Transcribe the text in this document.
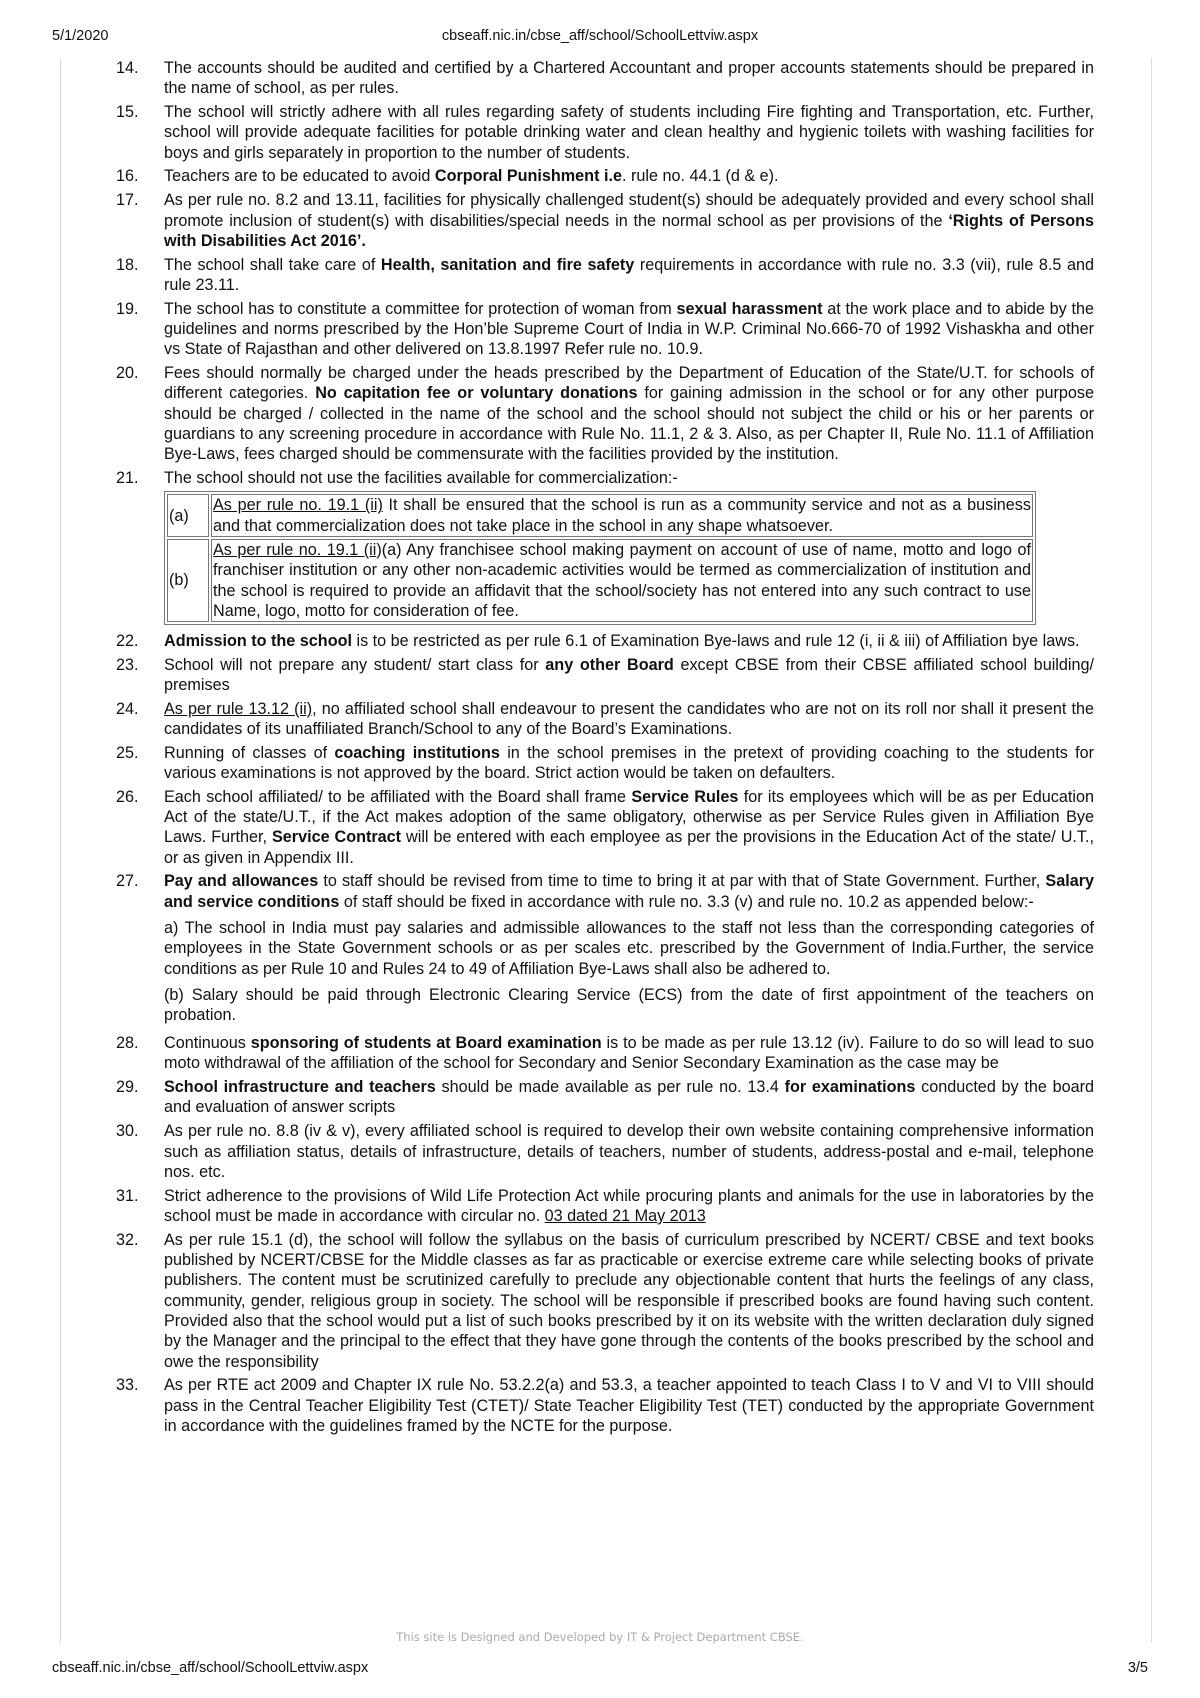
5/1/2020	cbseaff.nic.in/cbse_aff/school/SchoolLettviw.aspx
14.	The accounts should be audited and certified by a Chartered Accountant and proper accounts statements should be prepared in the name of school, as per rules.
15.	The school will strictly adhere with all rules regarding safety of students including Fire fighting and Transportation, etc. Further, school will provide adequate facilities for potable drinking water and clean healthy and hygienic toilets with washing facilities for boys and girls separately in proportion to the number of students.
16.	Teachers are to be educated to avoid Corporal Punishment i.e. rule no. 44.1 (d & e).
17.	As per rule no. 8.2 and 13.11, facilities for physically challenged student(s) should be adequately provided and every school shall promote inclusion of student(s) with disabilities/special needs in the normal school as per provisions of the ‘Rights of Persons with Disabilities Act 2016’.
18.	The school shall take care of Health, sanitation and fire safety requirements in accordance with rule no. 3.3 (vii), rule 8.5 and rule 23.11.
19.	The school has to constitute a committee for protection of woman from sexual harassment at the work place and to abide by the guidelines and norms prescribed by the Hon’ble Supreme Court of India in W.P. Criminal No.666-70 of 1992 Vishaskha and other vs State of Rajasthan and other delivered on 13.8.1997 Refer rule no. 10.9.
20.	Fees should normally be charged under the heads prescribed by the Department of Education of the State/U.T. for schools of different categories. No capitation fee or voluntary donations for gaining admission in the school or for any other purpose should be charged / collected in the name of the school and the school should not subject the child or his or her parents or guardians to any screening procedure in accordance with Rule No. 11.1, 2 & 3. Also, as per Chapter II, Rule No. 11.1 of Affiliation Bye-Laws, fees charged should be commensurate with the facilities provided by the institution.
21.	The school should not use the facilities available for commercialization:-
(a)	As per rule no. 19.1 (ii) It shall be ensured that the school is run as a community service and not as a business and that commercialization does not take place in the school in any shape whatsoever.
(b)	As per rule no. 19.1 (ii)(a) Any franchisee school making payment on account of use of name, motto and logo of franchiser institution or any other non-academic activities would be termed as commercialization of institution and the school is required to provide an affidavit that the school/society has not entered into any such contract to use Name, logo, motto for consideration of fee.
22.	Admission to the school is to be restricted as per rule 6.1 of Examination Bye-laws and rule 12 (i, ii & iii) of Affiliation bye laws.
23.	School will not prepare any student/ start class for any other Board except CBSE from their CBSE affiliated school building/ premises
24.	As per rule 13.12 (ii), no affiliated school shall endeavour to present the candidates who are not on its roll nor shall it present the candidates of its unaffiliated Branch/School to any of the Board’s Examinations.
25.	Running of classes of coaching institutions in the school premises in the pretext of providing coaching to the students for various examinations is not approved by the board. Strict action would be taken on defaulters.
26.	Each school affiliated/ to be affiliated with the Board shall frame Service Rules for its employees which will be as per Education Act of the state/U.T., if the Act makes adoption of the same obligatory, otherwise as per Service Rules given in Affiliation Bye Laws. Further, Service Contract will be entered with each employee as per the provisions in the Education Act of the state/ U.T., or as given in Appendix III.
27.	Pay and allowances to staff should be revised from time to time to bring it at par with that of State Government. Further, Salary and service conditions of staff should be fixed in accordance with rule no. 3.3 (v) and rule no. 10.2 as appended below:-
a) The school in India must pay salaries and admissible allowances to the staff not less than the corresponding categories of employees in the State Government schools or as per scales etc. prescribed by the Government of India.Further, the service conditions as per Rule 10 and Rules 24 to 49 of Affiliation Bye-Laws shall also be adhered to.
(b) Salary should be paid through Electronic Clearing Service (ECS) from the date of first appointment of the teachers on probation.
28.	Continuous sponsoring of students at Board examination is to be made as per rule 13.12 (iv). Failure to do so will lead to suo moto withdrawal of the affiliation of the school for Secondary and Senior Secondary Examination as the case may be
29.	School infrastructure and teachers should be made available as per rule no. 13.4 for examinations conducted by the board and evaluation of answer scripts
30.	As per rule no. 8.8 (iv & v), every affiliated school is required to develop their own website containing comprehensive information such as affiliation status, details of infrastructure, details of teachers, number of students, address-postal and e-mail, telephone nos. etc.
31.	Strict adherence to the provisions of Wild Life Protection Act while procuring plants and animals for the use in laboratories by the school must be made in accordance with circular no. 03 dated 21 May 2013
32.	As per rule 15.1 (d), the school will follow the syllabus on the basis of curriculum prescribed by NCERT/ CBSE and text books published by NCERT/CBSE for the Middle classes as far as practicable or exercise extreme care while selecting books of private publishers. The content must be scrutinized carefully to preclude any objectionable content that hurts the feelings of any class, community, gender, religious group in society. The school will be responsible if prescribed books are found having such content. Provided also that the school would put a list of such books prescribed by it on its website with the written declaration duly signed by the Manager and the principal to the effect that they have gone through the contents of the books prescribed by the school and owe the responsibility
33.	As per RTE act 2009 and Chapter IX rule No. 53.2.2(a) and 53.3, a teacher appointed to teach Class I to V and VI to VIII should pass in the Central Teacher Eligibility Test (CTET)/ State Teacher Eligibility Test (TET) conducted by the appropriate Government in accordance with the guidelines framed by the NCTE for the purpose.
This site is Designed and Developed by IT & Project Department CBSE.
cbseaff.nic.in/cbse_aff/school/SchoolLettviw.aspx	3/5
